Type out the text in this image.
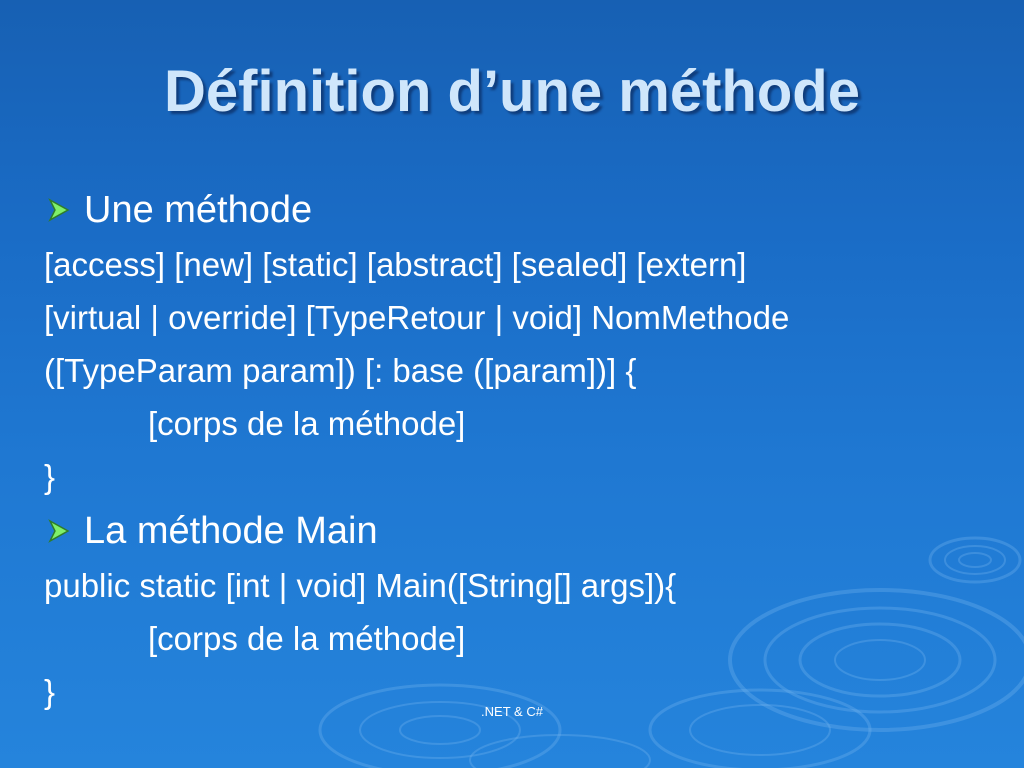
Définition d’une méthode
Une méthode
[access] [new] [static] [abstract] [sealed] [extern]
[virtual | override] [TypeRetour | void] NomMethode
([TypeParam param]) [: base ([param])] {
[corps de la méthode]
}
La méthode Main
public static [int | void] Main([String[] args]){
[corps de la méthode]
}
.NET & C#
